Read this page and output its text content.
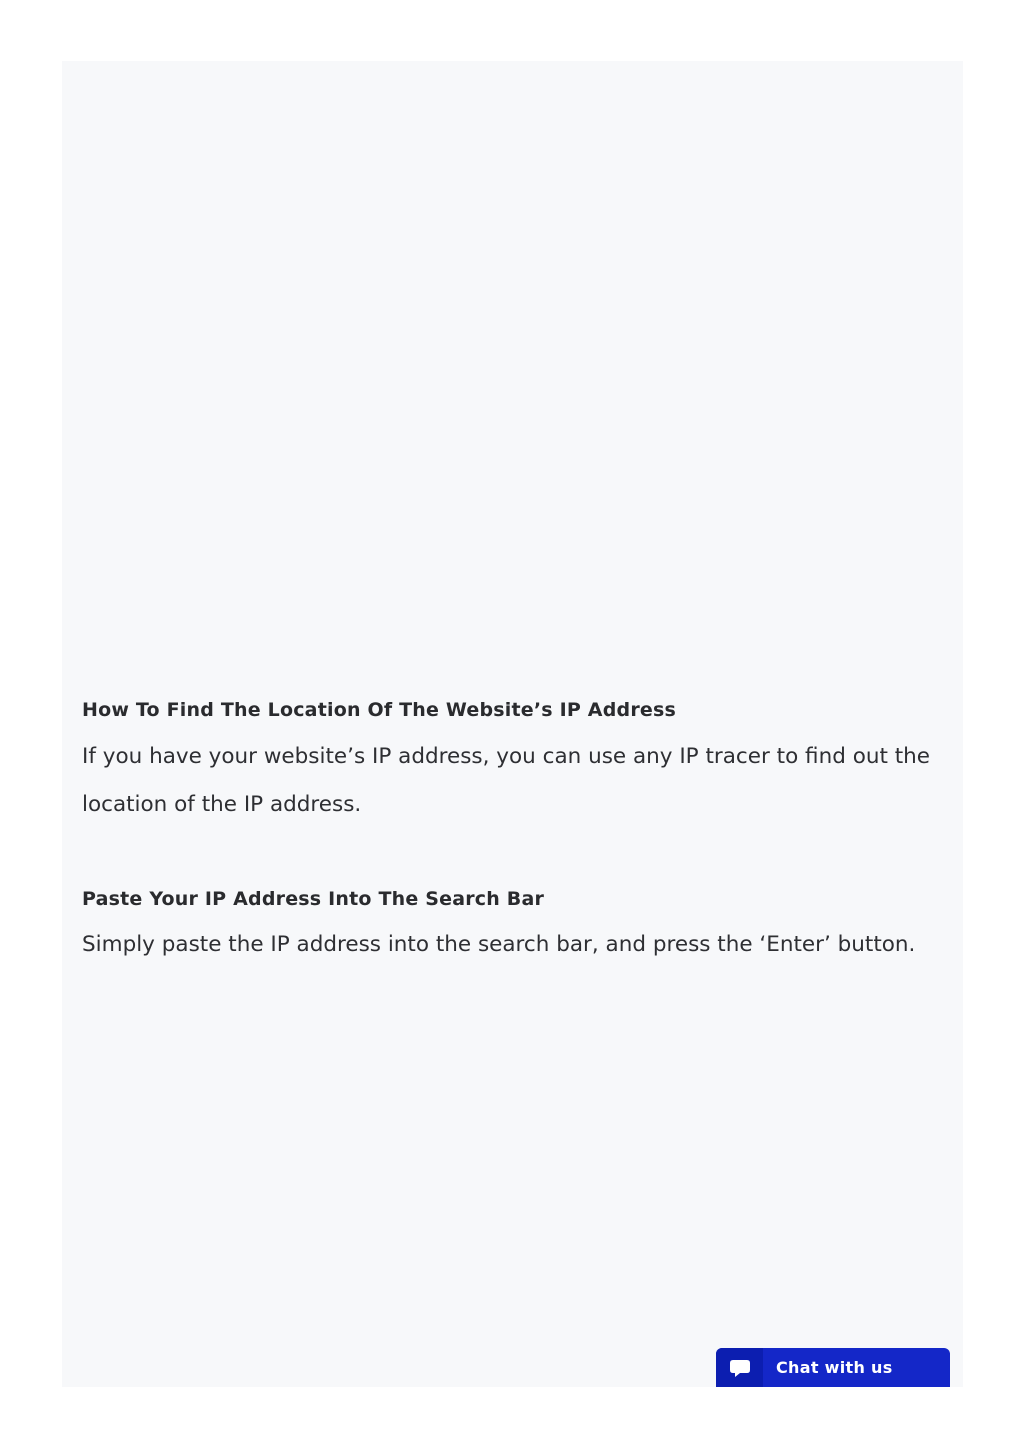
How To Find The Location Of The Website’s IP Address

If you have your website’s IP address, you can use any IP tracer to find out the location of the IP address.

Paste Your IP Address Into The Search Bar

Simply paste the IP address into the search bar, and press the ‘Enter’ button.

Chat with us
